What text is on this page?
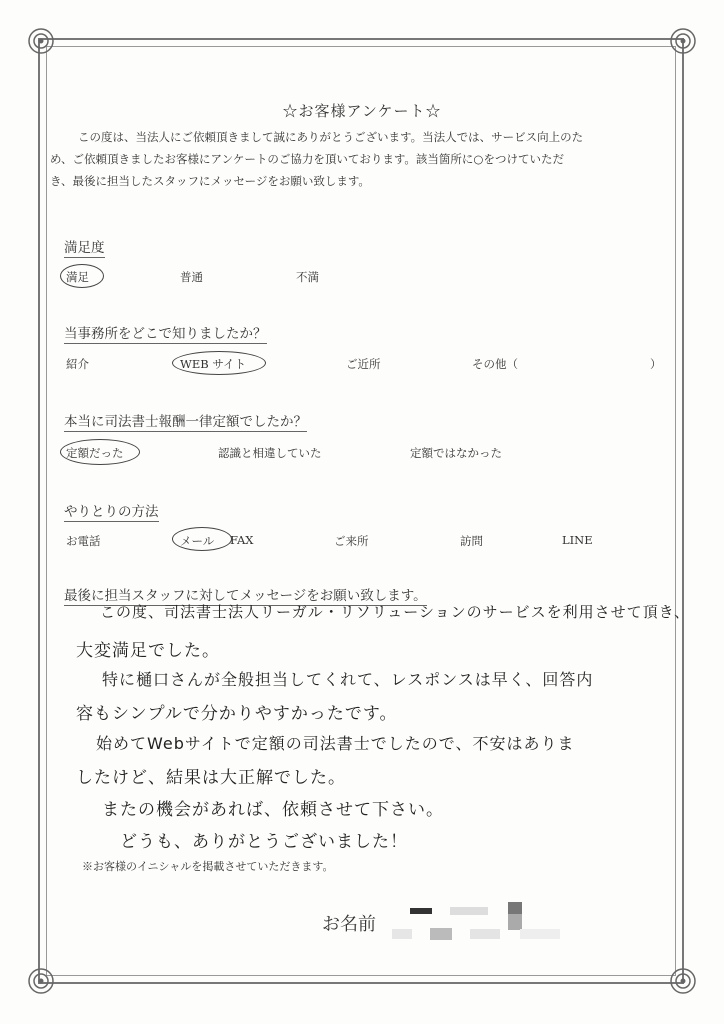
☆お客様アンケート☆
この度は、当法人にご依頼頂きまして誠にありがとうございます。当法人では、サービス向上のた
め、ご依頼頂きましたお客様にアンケートのご協力を頂いております。該当箇所に○をつけていただ
き、最後に担当したスタッフにメッセージをお願い致します。
満足度
満足	普通	不満
当事務所をどこで知りましたか？
紹介	WEB サイト	ご近所	その他（	）
本当に司法書士報酬一律定額でしたか？
定額だった	認識と相違していた	定額ではなかった
やりとりの方法
お電話	メール FAX	ご来所	訪問	LINE
最後に担当スタッフに対してメッセージをお願い致します。
この度、司法書士法人リーガル・リソリューションのサービスを利用させて頂き、
大変満足でした。
特に樋口さんが全般担当してくれて、レスポンスは早く、回答内
容もシンプルで分かりやすかったです。
始めてWebサイトで定額の司法書士でしたので、不安はありま
したけど、結果は大正解でした。
またの機会があれば、依頼させて下さい。
どうも、ありがとうございました！
※お客様のイニシャルを掲載させていただきます。
お名前
